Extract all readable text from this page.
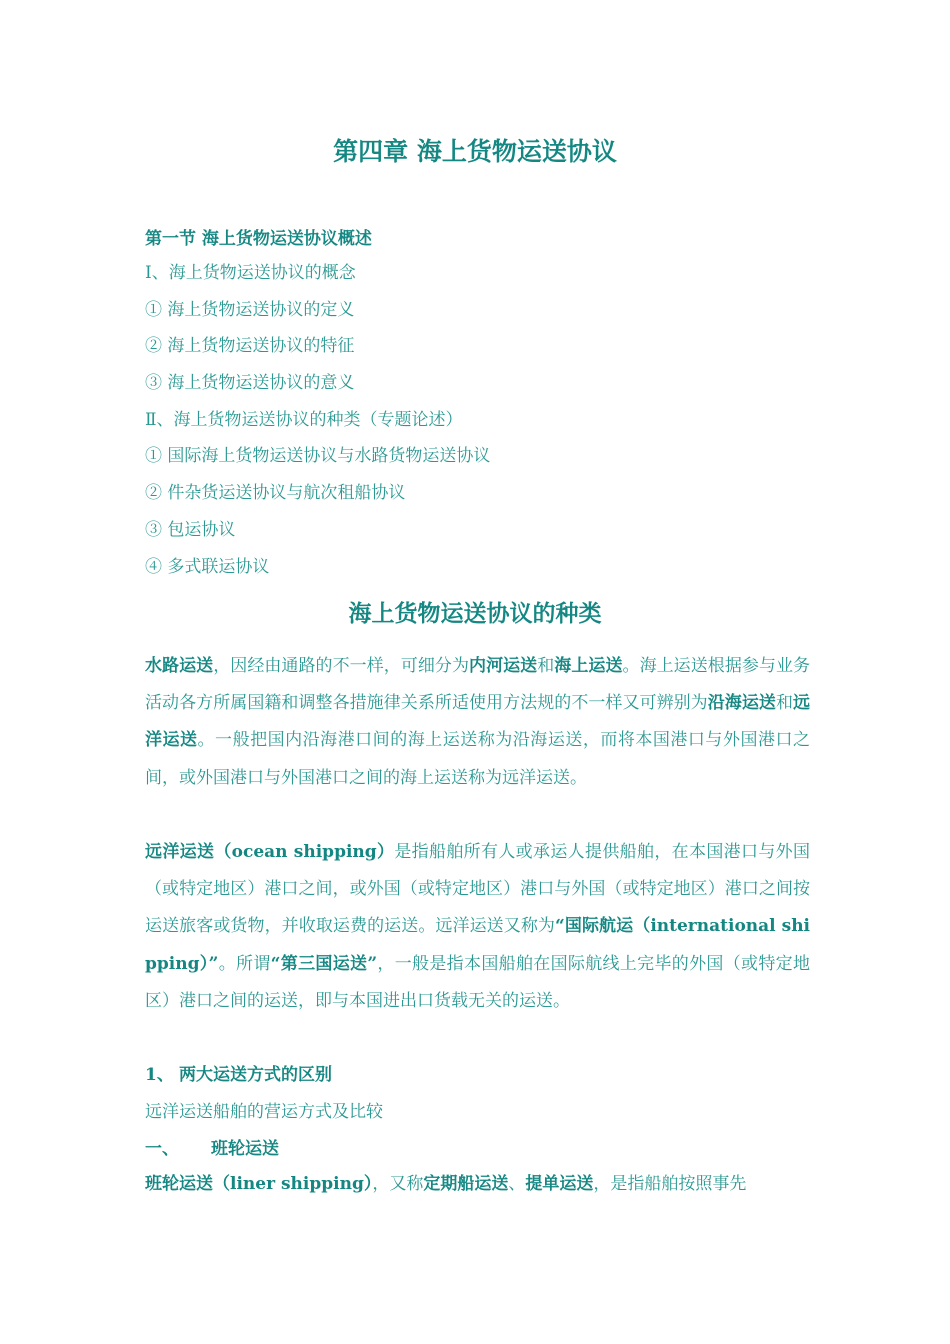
第四章 海上货物运送协议
第一节 海上货物运送协议概述
Ⅰ、海上货物运送协议的概念
① 海上货物运送协议的定义
② 海上货物运送协议的特征
③ 海上货物运送协议的意义
Ⅱ、海上货物运送协议的种类（专题论述）
① 国际海上货物运送协议与水路货物运送协议
② 件杂货运送协议与航次租船协议
③ 包运协议
④ 多式联运协议
海上货物运送协议的种类

水路运送，因经由通路的不一样，可细分为内河运送和海上运送。海上运送根据参与业务活动各方所属国籍和调整各措施律关系所适使用方法规的不一样又可辨别为沿海运送和远洋运送。一般把国内沿海港口间的海上运送称为沿海运送，而将本国港口与外国港口之间，或外国港口与外国港口之间的海上运送称为远洋运送。

远洋运送（ocean shipping）是指船舶所有人或承运人提供船舶，在本国港口与外国（或特定地区）港口之间，或外国（或特定地区）港口与外国（或特定地区）港口之间按运送旅客或货物，并收取运费的运送。远洋运送又称为“国际航运（international shipping）”。所谓“第三国运送”，一般是指本国船舶在国际航线上完毕的外国（或特定地区）港口之间的运送，即与本国进出口货载无关的运送。

1、 两大运送方式的区别
远洋运送船舶的营运方式及比较
一、 班轮运送

班轮运送（liner shipping），又称定期船运送、提单运送，是指船舶按照事先
